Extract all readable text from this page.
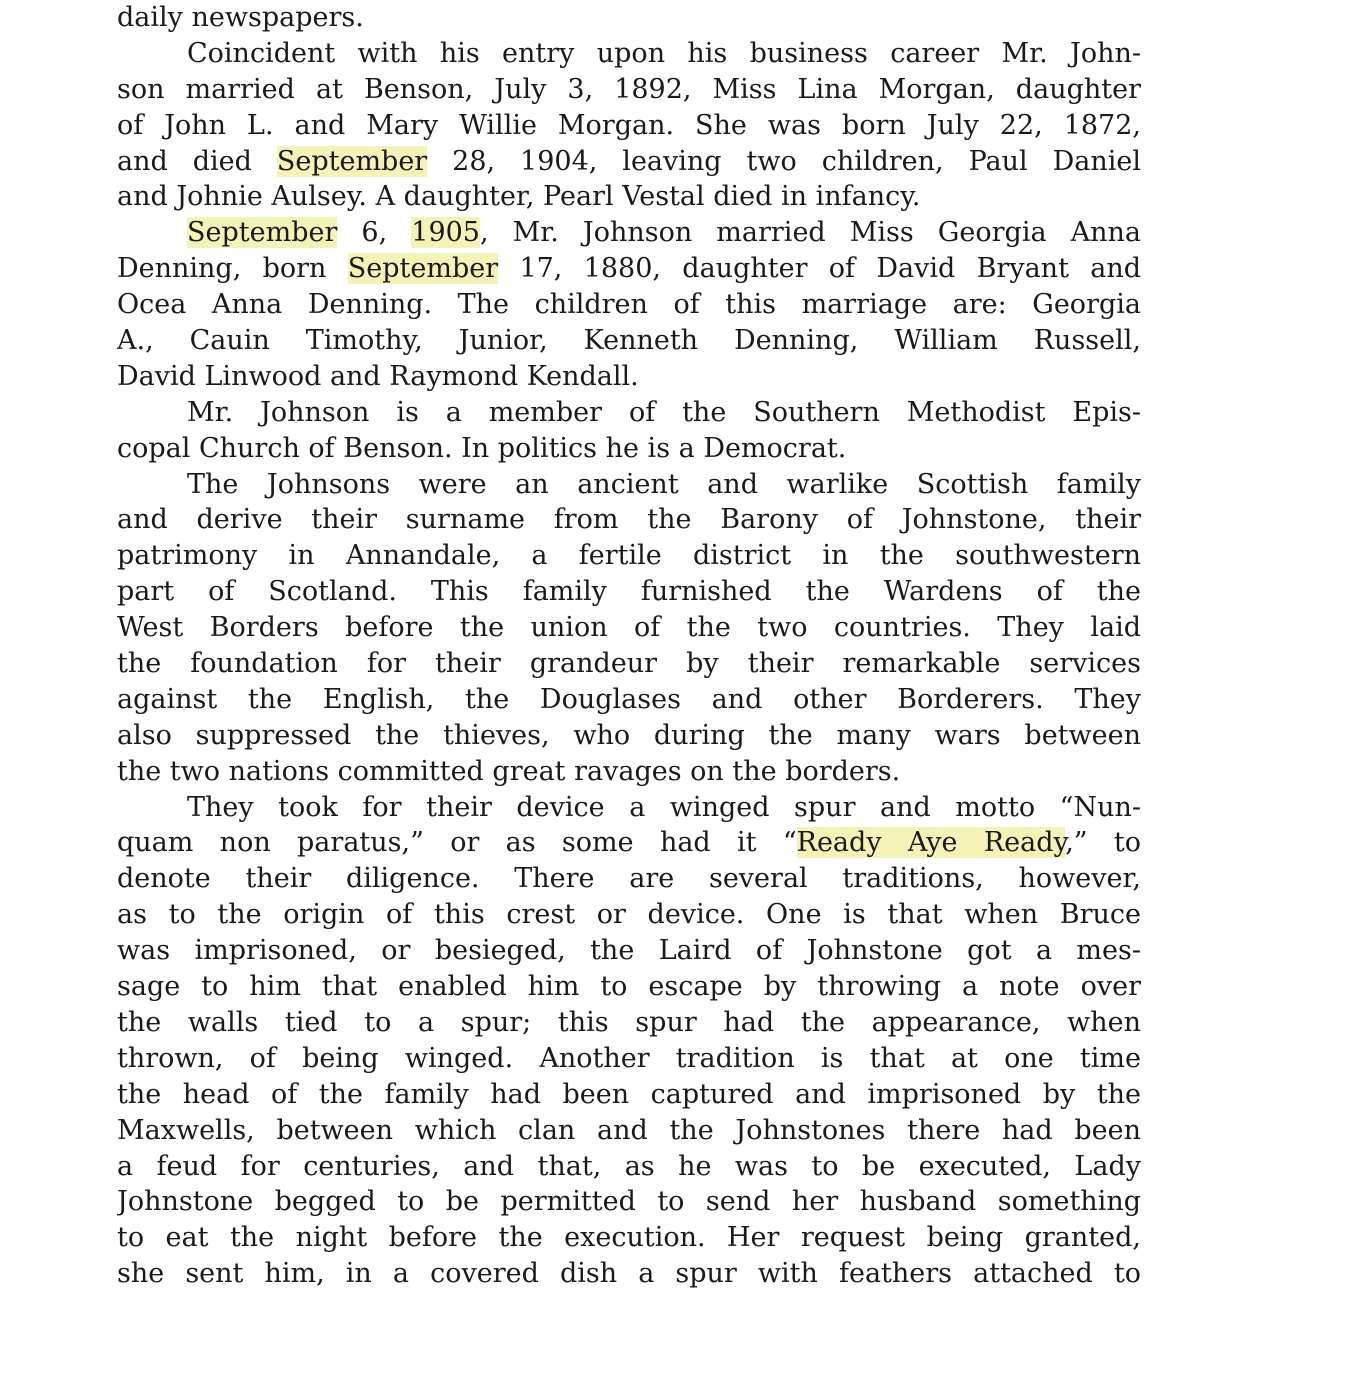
daily newspapers.
Coincident with his entry upon his business career Mr. John-
son married at Benson, July 3, 1892, Miss Lina Morgan, daughter
of John L. and Mary Willie Morgan. She was born July 22, 1872,
and died September 28, 1904, leaving two children, Paul Daniel
and Johnie Aulsey. A daughter, Pearl Vestal died in infancy.
September 6, 1905, Mr. Johnson married Miss Georgia Anna
Denning, born September 17, 1880, daughter of David Bryant and
Ocea Anna Denning. The children of this marriage are: Georgia
A., Cauin Timothy, Junior, Kenneth Denning, William Russell,
David Linwood and Raymond Kendall.
Mr. Johnson is a member of the Southern Methodist Epis-
copal Church of Benson. In politics he is a Democrat.
The Johnsons were an ancient and warlike Scottish family
and derive their surname from the Barony of Johnstone, their
patrimony in Annandale, a fertile district in the southwestern
part of Scotland. This family furnished the Wardens of the
West Borders before the union of the two countries. They laid
the foundation for their grandeur by their remarkable services
against the English, the Douglases and other Borderers. They
also suppressed the thieves, who during the many wars between
the two nations committed great ravages on the borders.
They took for their device a winged spur and motto “Nun-
quam non paratus,” or as some had it “Ready Aye Ready,” to
denote their diligence. There are several traditions, however,
as to the origin of this crest or device. One is that when Bruce
was imprisoned, or besieged, the Laird of Johnstone got a mes-
sage to him that enabled him to escape by throwing a note over
the walls tied to a spur; this spur had the appearance, when
thrown, of being winged. Another tradition is that at one time
the head of the family had been captured and imprisoned by the
Maxwells, between which clan and the Johnstones there had been
a feud for centuries, and that, as he was to be executed, Lady
Johnstone begged to be permitted to send her husband something
to eat the night before the execution. Her request being granted,
she sent him, in a covered dish a spur with feathers attached to
